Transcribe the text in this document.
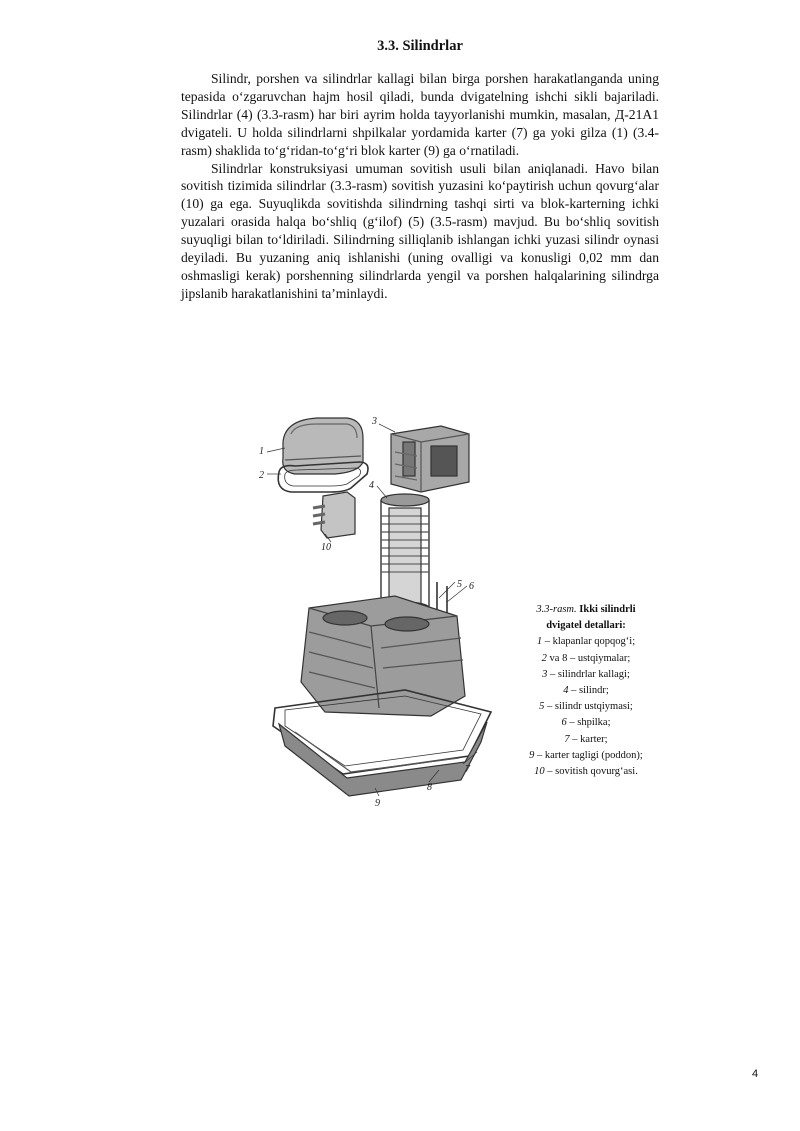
3.3. Silindrlar

Silindr, porshen va silindrlar kallagi bilan birga porshen harakatlanganda uning tepasida o‘zgaruvchan hajm hosil qiladi, bunda dvigatelning ishchi sikli bajariladi. Silindrlar (4) (3.3-rasm) har biri ayrim holda tayyorlanishi mumkin, masalan, Д-21А1 dvigateli. U holda silindrlarni shpilkalar yordamida karter (7) ga yoki gilza (1) (3.4-rasm) shaklida to‘g‘ridan-to‘g‘ri blok karter (9) ga o‘rnatiladi.

Silindrlar konstruksiyasi umuman sovitish usuli bilan aniqlanadi. Havo bilan sovitish tizimida silindrlar (3.3-rasm) sovitish yuzasini ko‘paytirish uchun qovurg‘alar (10) ga ega. Suyuqlikda sovitishda silindrning tashqi sirti va blok-karterning ichki yuzalari orasida halqa bo‘shliq (g‘ilof) (5) (3.5-rasm) mavjud. Bu bo‘shliq sovitish suyuqligi bilan to‘ldiriladi. Silindrning silliqlanib ishlangan ichki yuzasi silindr oynasi deyiladi. Bu yuzaning aniq ishlanishi (uning ovalligi va konusligi 0,02 mm dan oshmasligi kerak) porshenning silindrlarda yengil va porshen halqalarining silindrga jipslanib harakatlanishini ta’minlaydi.

1
2
3
4
5 6
7
8
9
10
3.3-rasm. Ikki silindrli
dvigatel detallari:
1 – klapanlar qopqog‘i;
2 va 8 – ustqiymalar;
3 – silindrlar kallagi;
4 – silindr;
5 – silindr ustqiymasi;
6 – shpilka;
7 – karter;
9 – karter tagligi (poddon);
10 – sovitish qovurg‘asi.
4
